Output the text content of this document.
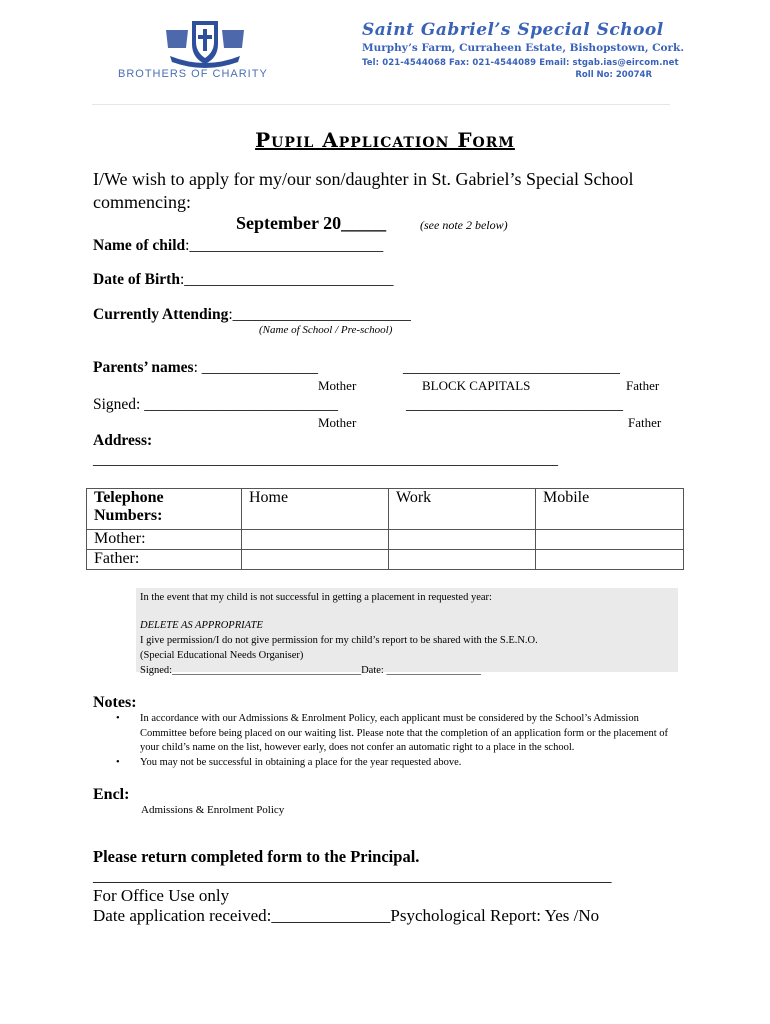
BROTHERS OF CHARITY
Saint Gabriel’s Special School
Murphy’s Farm, Curraheen Estate, Bishopstown, Cork.
Tel: 021-4544068 Fax: 021-4544089 Email: stgab.ias@eircom.net
Roll No: 20074R
Pupil Application Form
I/We wish to apply for my/our son/daughter in St. Gabriel’s Special School commencing:
September 20_____	(see note 2 below)
Name of child:_________________________
Date of Birth:___________________________
Currently Attending:_______________________
(Name of School / Pre-school)
Parents’ names: _______________	____________________________
Mother	BLOCK CAPITALS	Father
Signed: _________________________	____________________________
Mother	Father
Address:
____________________________________________________________
Telephone Numbers:	Home	Work	Mobile
Mother:			
Father:			
In the event that my child is not successful in getting a placement in requested year:
DELETE AS APPROPRIATE
I give permission/I do not give permission for my child’s report to be shared with the S.E.N.O.
(Special Educational Needs Organiser)
Signed:____________________________________Date: __________________
Notes:
• In accordance with our Admissions & Enrolment Policy, each applicant must be considered by the School’s Admission Committee before being placed on our waiting list. Please note that the completion of an application form or the placement of your child’s name on the list, however early, does not confer an automatic right to a place in the school.
• You may not be successful in obtaining a place for the year requested above.
Encl:
Admissions & Enrolment Policy
Please return completed form to the Principal.
_____________________________________________________________
For Office Use only
Date application received:______________Psychological Report: Yes /No
